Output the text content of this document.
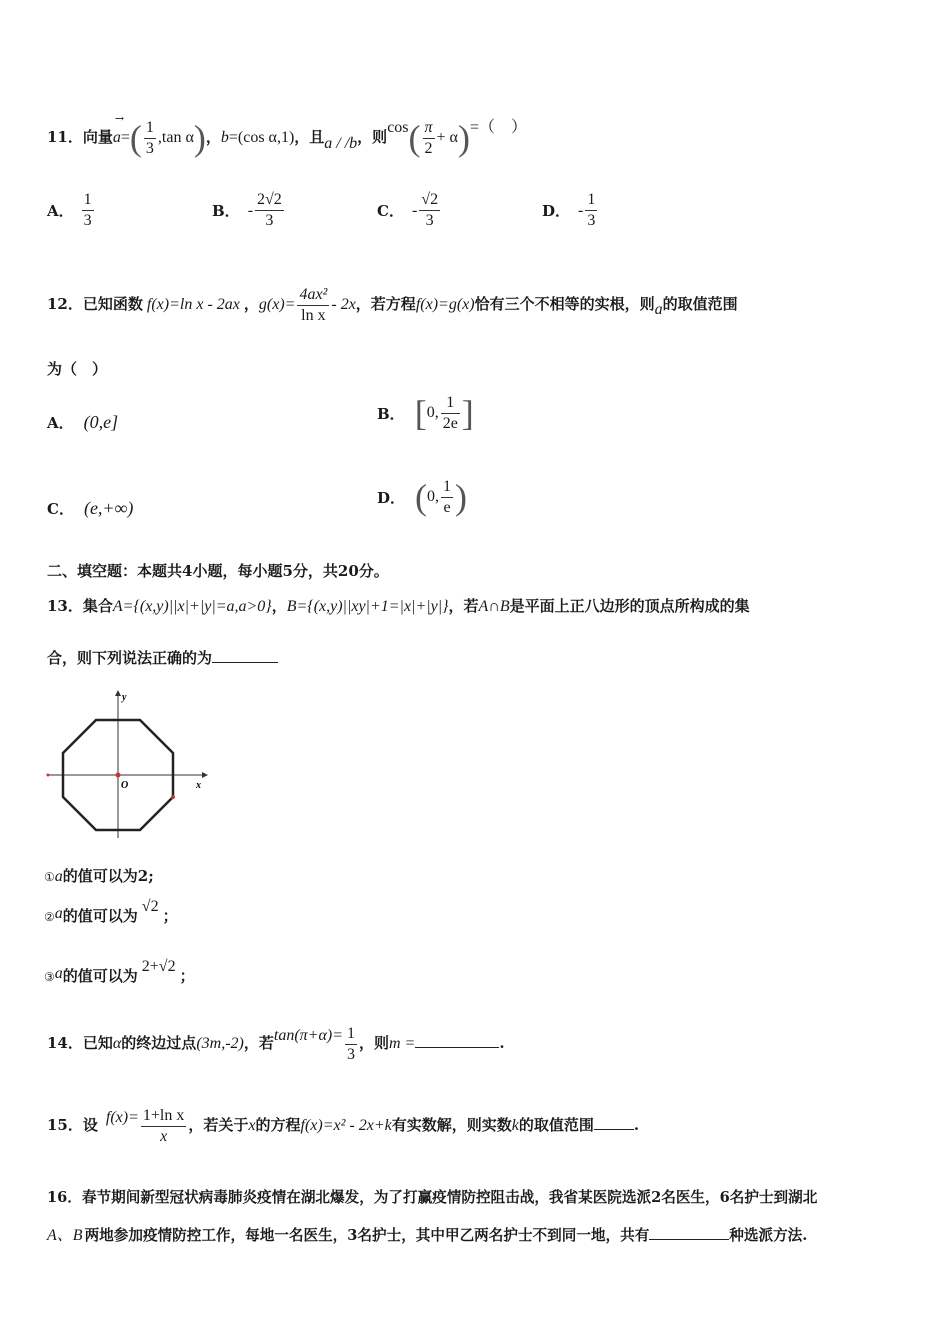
11．向量
→
$a=( \frac{1}{3} ,\tan$ α)，b=(cos α,1)，且a / /b，则$\cos( \frac{\pi}{2} + \alpha)=$（　）
A． $\frac{1}{3}$	B． - $\frac{2√2}{3}$	C． - $\frac{√2}{3}$	D． - $\frac{1}{3}$
12．已知函数 f(x)=ln x - 2ax ，$g(x)= \frac{\text{4ax²}}{\text{ln x}} - 2x$，若方程f(x)=g(x)恰有三个不相等的实根，则a的取值范围
为（　）
A． (0,e]	B． [0, $\frac{1}{2e}$ ]
C． (e,+∞)
D． (0, $\frac{1}{e}$ )
二、填空题：本题共4小题，每小题5分，共20分。
13．集合A={(x,y)||x|+|y|=a,a>0}，B={(x,y)||xy|+1=|x|+|y|}，若A∩B是平面上正八边形的顶点所构成的集
合，则下列说法正确的为
y
x
O
①a的值可以为2;
②a的值可以为√2；
③a的值可以为2+√2；
14．已知α的终边过点(3m,-2)，若$\tan(\pi+\alpha)= \frac{1}{3}$ ，则m =	.
15．设 $f(x)= \frac{\text{1+ln x}}{x}$ ，若关于x的方程f(x)=x² - 2x+k有实数解，则实数k的取值范围	.
16．春节期间新型冠状病毒肺炎疫情在湖北爆发，为了打赢疫情防控阻击战，我省某医院选派2名医生，6名护士到湖北
A、B 两地参加疫情防控工作，每地一名医生，3名护士，其中甲乙两名护士不到同一地，共有	种选派方法.
